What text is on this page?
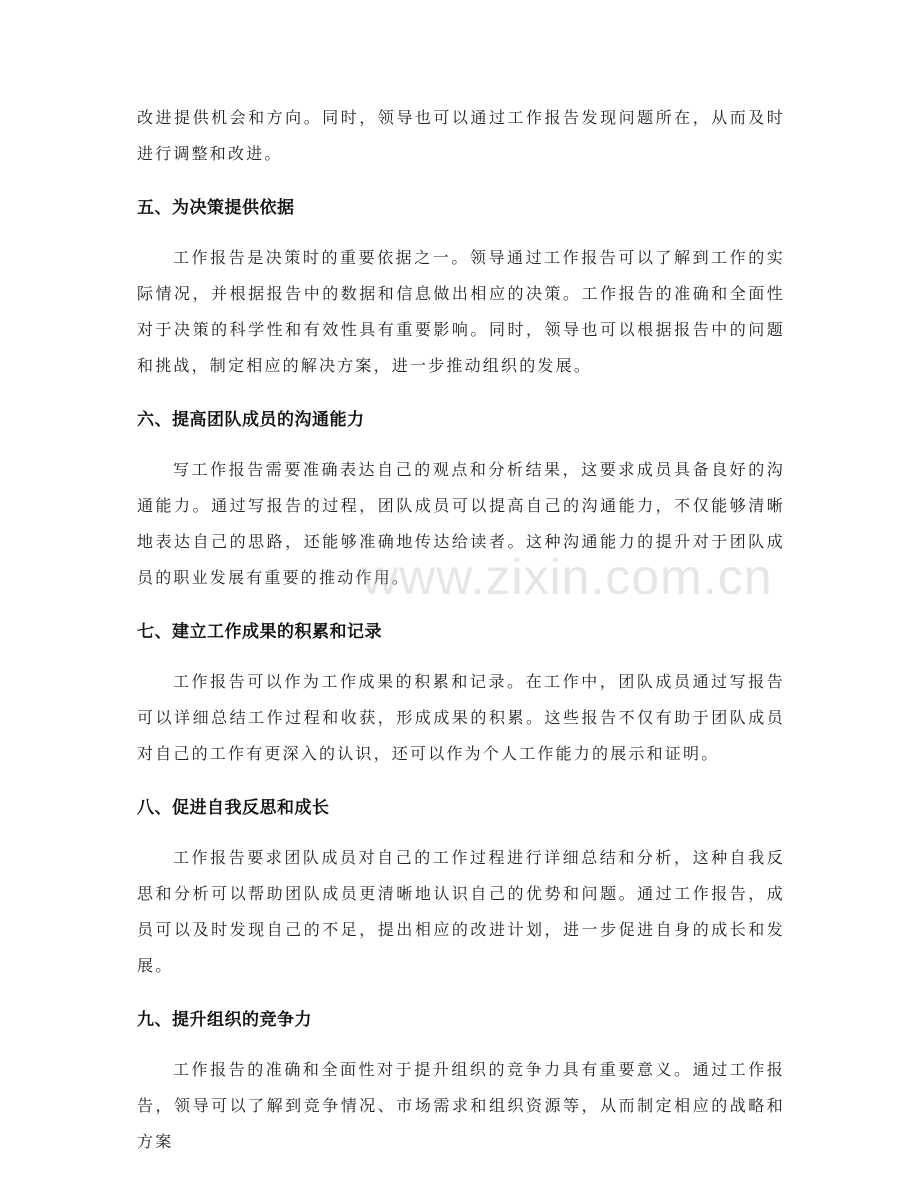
改进提供机会和方向。同时，领导也可以通过工作报告发现问题所在，从而及时进行调整和改进。

五、为决策提供依据

工作报告是决策时的重要依据之一。领导通过工作报告可以了解到工作的实际情况，并根据报告中的数据和信息做出相应的决策。工作报告的准确和全面性对于决策的科学性和有效性具有重要影响。同时，领导也可以根据报告中的问题和挑战，制定相应的解决方案，进一步推动组织的发展。

六、提高团队成员的沟通能力

写工作报告需要准确表达自己的观点和分析结果，这要求成员具备良好的沟通能力。通过写报告的过程，团队成员可以提高自己的沟通能力，不仅能够清晰地表达自己的思路，还能够准确地传达给读者。这种沟通能力的提升对于团队成员的职业发展有重要的推动作用。

七、建立工作成果的积累和记录

工作报告可以作为工作成果的积累和记录。在工作中，团队成员通过写报告可以详细总结工作过程和收获，形成成果的积累。这些报告不仅有助于团队成员对自己的工作有更深入的认识，还可以作为个人工作能力的展示和证明。

八、促进自我反思和成长

工作报告要求团队成员对自己的工作过程进行详细总结和分析，这种自我反思和分析可以帮助团队成员更清晰地认识自己的优势和问题。通过工作报告，成员可以及时发现自己的不足，提出相应的改进计划，进一步促进自身的成长和发展。

九、提升组织的竞争力

工作报告的准确和全面性对于提升组织的竞争力具有重要意义。通过工作报告，领导可以了解到竞争情况、市场需求和组织资源等，从而制定相应的战略和方案

www.zixin.com.cn
